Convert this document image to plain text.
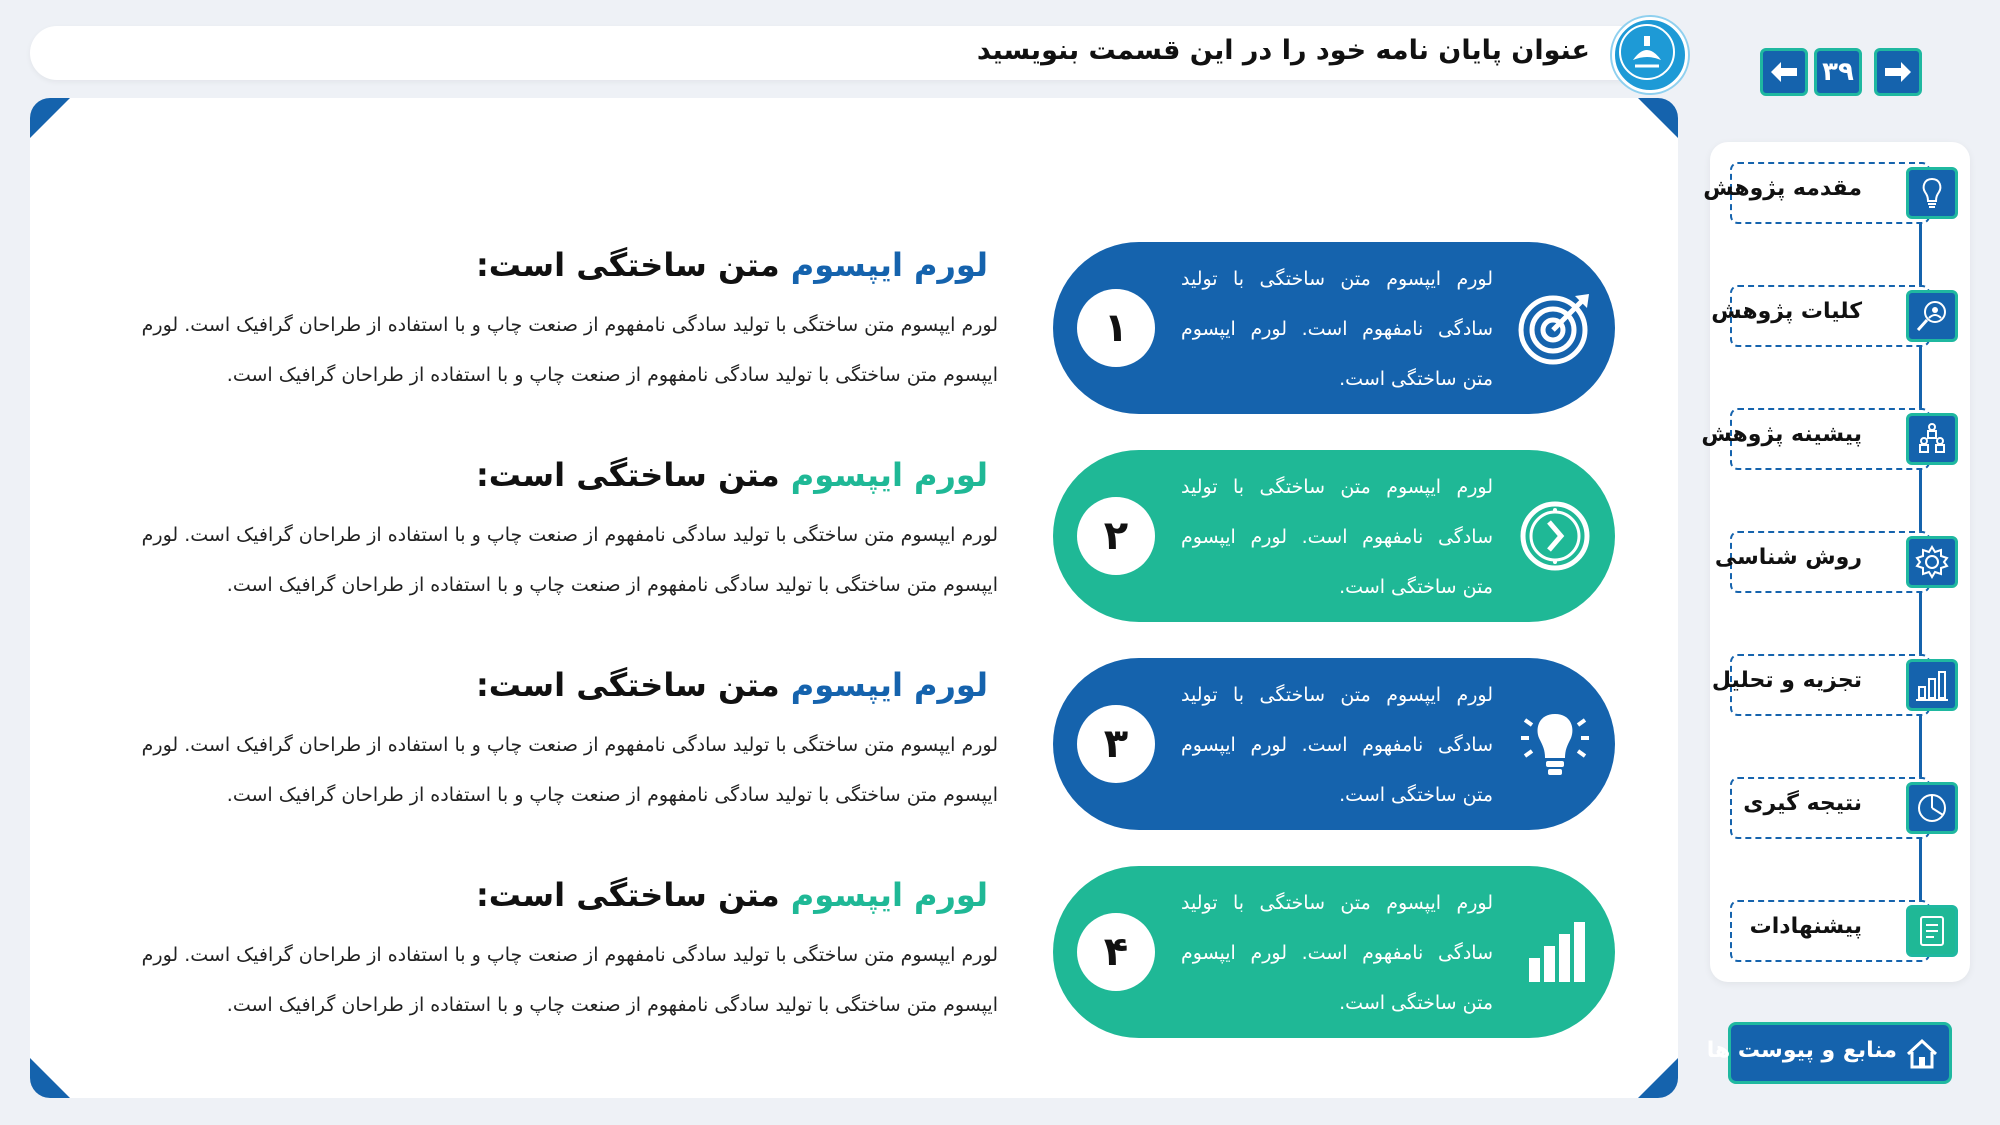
عنوان پایان نامه خود را در این قسمت بنویسید
۳۹
۱
لورم ایپسوم متن ساختگی با تولید سادگی نامفهوم است. لورم ایپسوم متن ساختگی است.
لورم ایپسوم متن ساختگی است:
لورم ایپسوم متن ساختگی با تولید سادگی نامفهوم از صنعت چاپ و با استفاده از طراحان گرافیک است. لورم ایپسوم متن ساختگی با تولید سادگی نامفهوم از صنعت چاپ و با استفاده از طراحان گرافیک است.
۲
لورم ایپسوم متن ساختگی با تولید سادگی نامفهوم است. لورم ایپسوم متن ساختگی است.
لورم ایپسوم متن ساختگی است:
لورم ایپسوم متن ساختگی با تولید سادگی نامفهوم از صنعت چاپ و با استفاده از طراحان گرافیک است. لورم ایپسوم متن ساختگی با تولید سادگی نامفهوم از صنعت چاپ و با استفاده از طراحان گرافیک است.
۳
لورم ایپسوم متن ساختگی با تولید سادگی نامفهوم است. لورم ایپسوم متن ساختگی است.
لورم ایپسوم متن ساختگی است:
لورم ایپسوم متن ساختگی با تولید سادگی نامفهوم از صنعت چاپ و با استفاده از طراحان گرافیک است. لورم ایپسوم متن ساختگی با تولید سادگی نامفهوم از صنعت چاپ و با استفاده از طراحان گرافیک است.
۴
لورم ایپسوم متن ساختگی با تولید سادگی نامفهوم است. لورم ایپسوم متن ساختگی است.
لورم ایپسوم متن ساختگی است:
لورم ایپسوم متن ساختگی با تولید سادگی نامفهوم از صنعت چاپ و با استفاده از طراحان گرافیک است. لورم ایپسوم متن ساختگی با تولید سادگی نامفهوم از صنعت چاپ و با استفاده از طراحان گرافیک است.
مقدمه پژوهش
کلیات پژوهش
پیشینه پژوهش
روش شناسی
تجزیه و تحلیل
نتیجه گیری
پیشنهادات
منابع و پیوست ها
